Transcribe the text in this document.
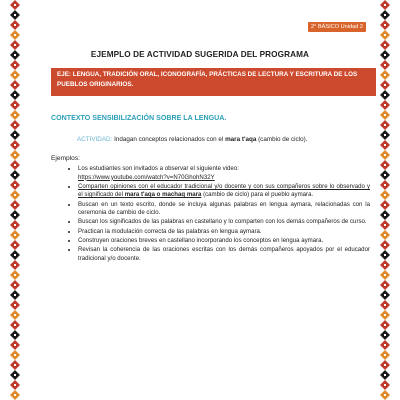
2° BÁSICO Unidad 2
EJEMPLO DE ACTIVIDAD SUGERIDA DEL PROGRAMA
EJE: LENGUA, TRADICIÓN ORAL, ICONOGRAFÍA, PRÁCTICAS DE LECTURA Y ESCRITURA DE LOS PUEBLOS ORIGINARIOS.
CONTEXTO SENSIBILIZACIÓN SOBRE LA LENGUA.
ACTIVIDAD: Indagan conceptos relacionados con el mara t'aqa (cambio de ciclo).
Ejemplos:
• Los estudiantes son invitados a observar el siguiente video:
https://www.youtube.com/watch?v=N70GhohN32Y
• Comparten opiniones con el educador tradicional y/o docente y con sus compañeros sobre lo observado y el significado del mara t'aqa o machaq mara (cambio de ciclo) para el pueblo aymara.
• Buscan en un texto escrito, donde se incluya algunas palabras en lengua aymara, relacionadas con la ceremonia de cambio de ciclo.
• Buscan los significados de las palabras en castellano y lo comparten con los demás compañeros de curso.
• Practican la modulación correcta de las palabras en lengua aymara.
• Construyen oraciones breves en castellano incorporando los conceptos en lengua aymara.
• Revisan la coherencia de las oraciones escritas con los demás compañeros apoyados por el educador tradicional y/o docente.
